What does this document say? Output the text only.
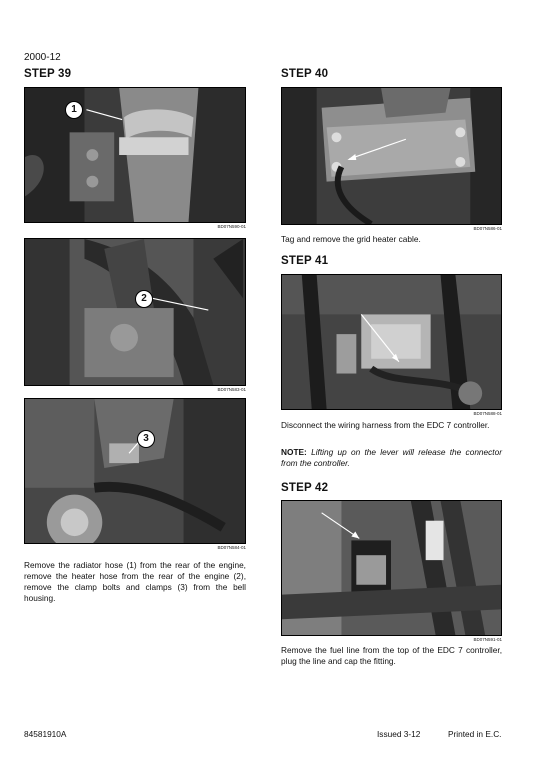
2000-12
STEP 39
1
BD07N590-01
2
BD07N583-01
3
BD07N584-01
Remove the radiator hose (1) from the rear of the engine, remove the heater hose from the rear of the engine (2), remove the clamp bolts and clamps (3) from the bell housing.
STEP 40
BD07N586-01
Tag and remove the grid heater cable.
STEP 41
BD07N588-01
Disconnect the wiring harness from the EDC 7 controller.
NOTE: Lifting up on the lever will release the connector from the controller.
STEP 42
BD07N591-01
Remove the fuel line from the top of the EDC 7 controller, plug the line and cap the fitting.
84581910A	Issued 3-12	Printed in E.C.
